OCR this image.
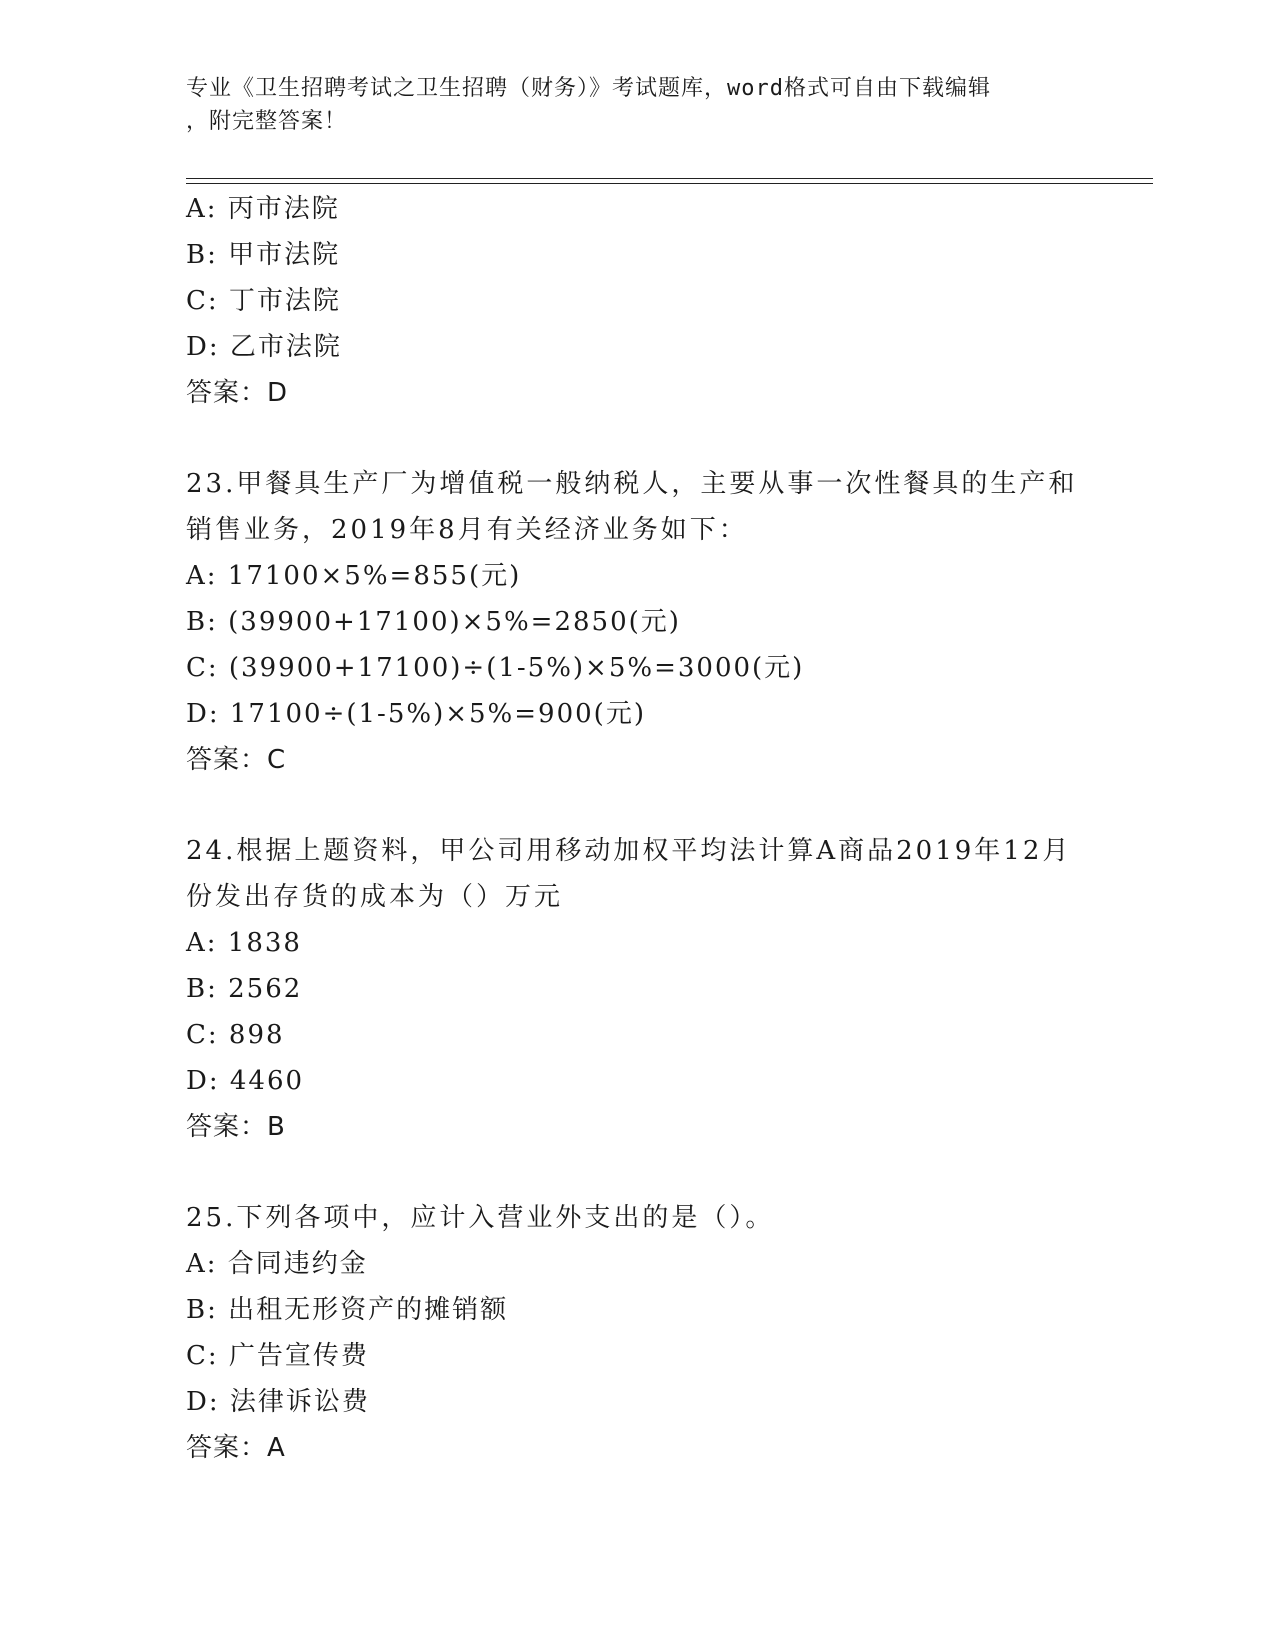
专业《卫生招聘考试之卫生招聘（财务）》考试题库，word格式可自由下载编辑
，附完整答案！
A: 丙市法院
B: 甲市法院
C: 丁市法院
D: 乙市法院
答案：D
23.甲餐具生产厂为增值税一般纳税人，主要从事一次性餐具的生产和
销售业务，2019年8月有关经济业务如下：
A: 17100×5%=855(元)
B: (39900+17100)×5%=2850(元)
C: (39900+17100)÷(1-5%)×5%=3000(元)
D: 17100÷(1-5%)×5%=900(元)
答案：C
24.根据上题资料，甲公司用移动加权平均法计算A商品2019年12月
份发出存货的成本为（）万元
A: 1838
B: 2562
C: 898
D: 4460
答案：B
25.下列各项中，应计入营业外支出的是（）。
A: 合同违约金
B: 出租无形资产的摊销额
C: 广告宣传费
D: 法律诉讼费
答案：A
